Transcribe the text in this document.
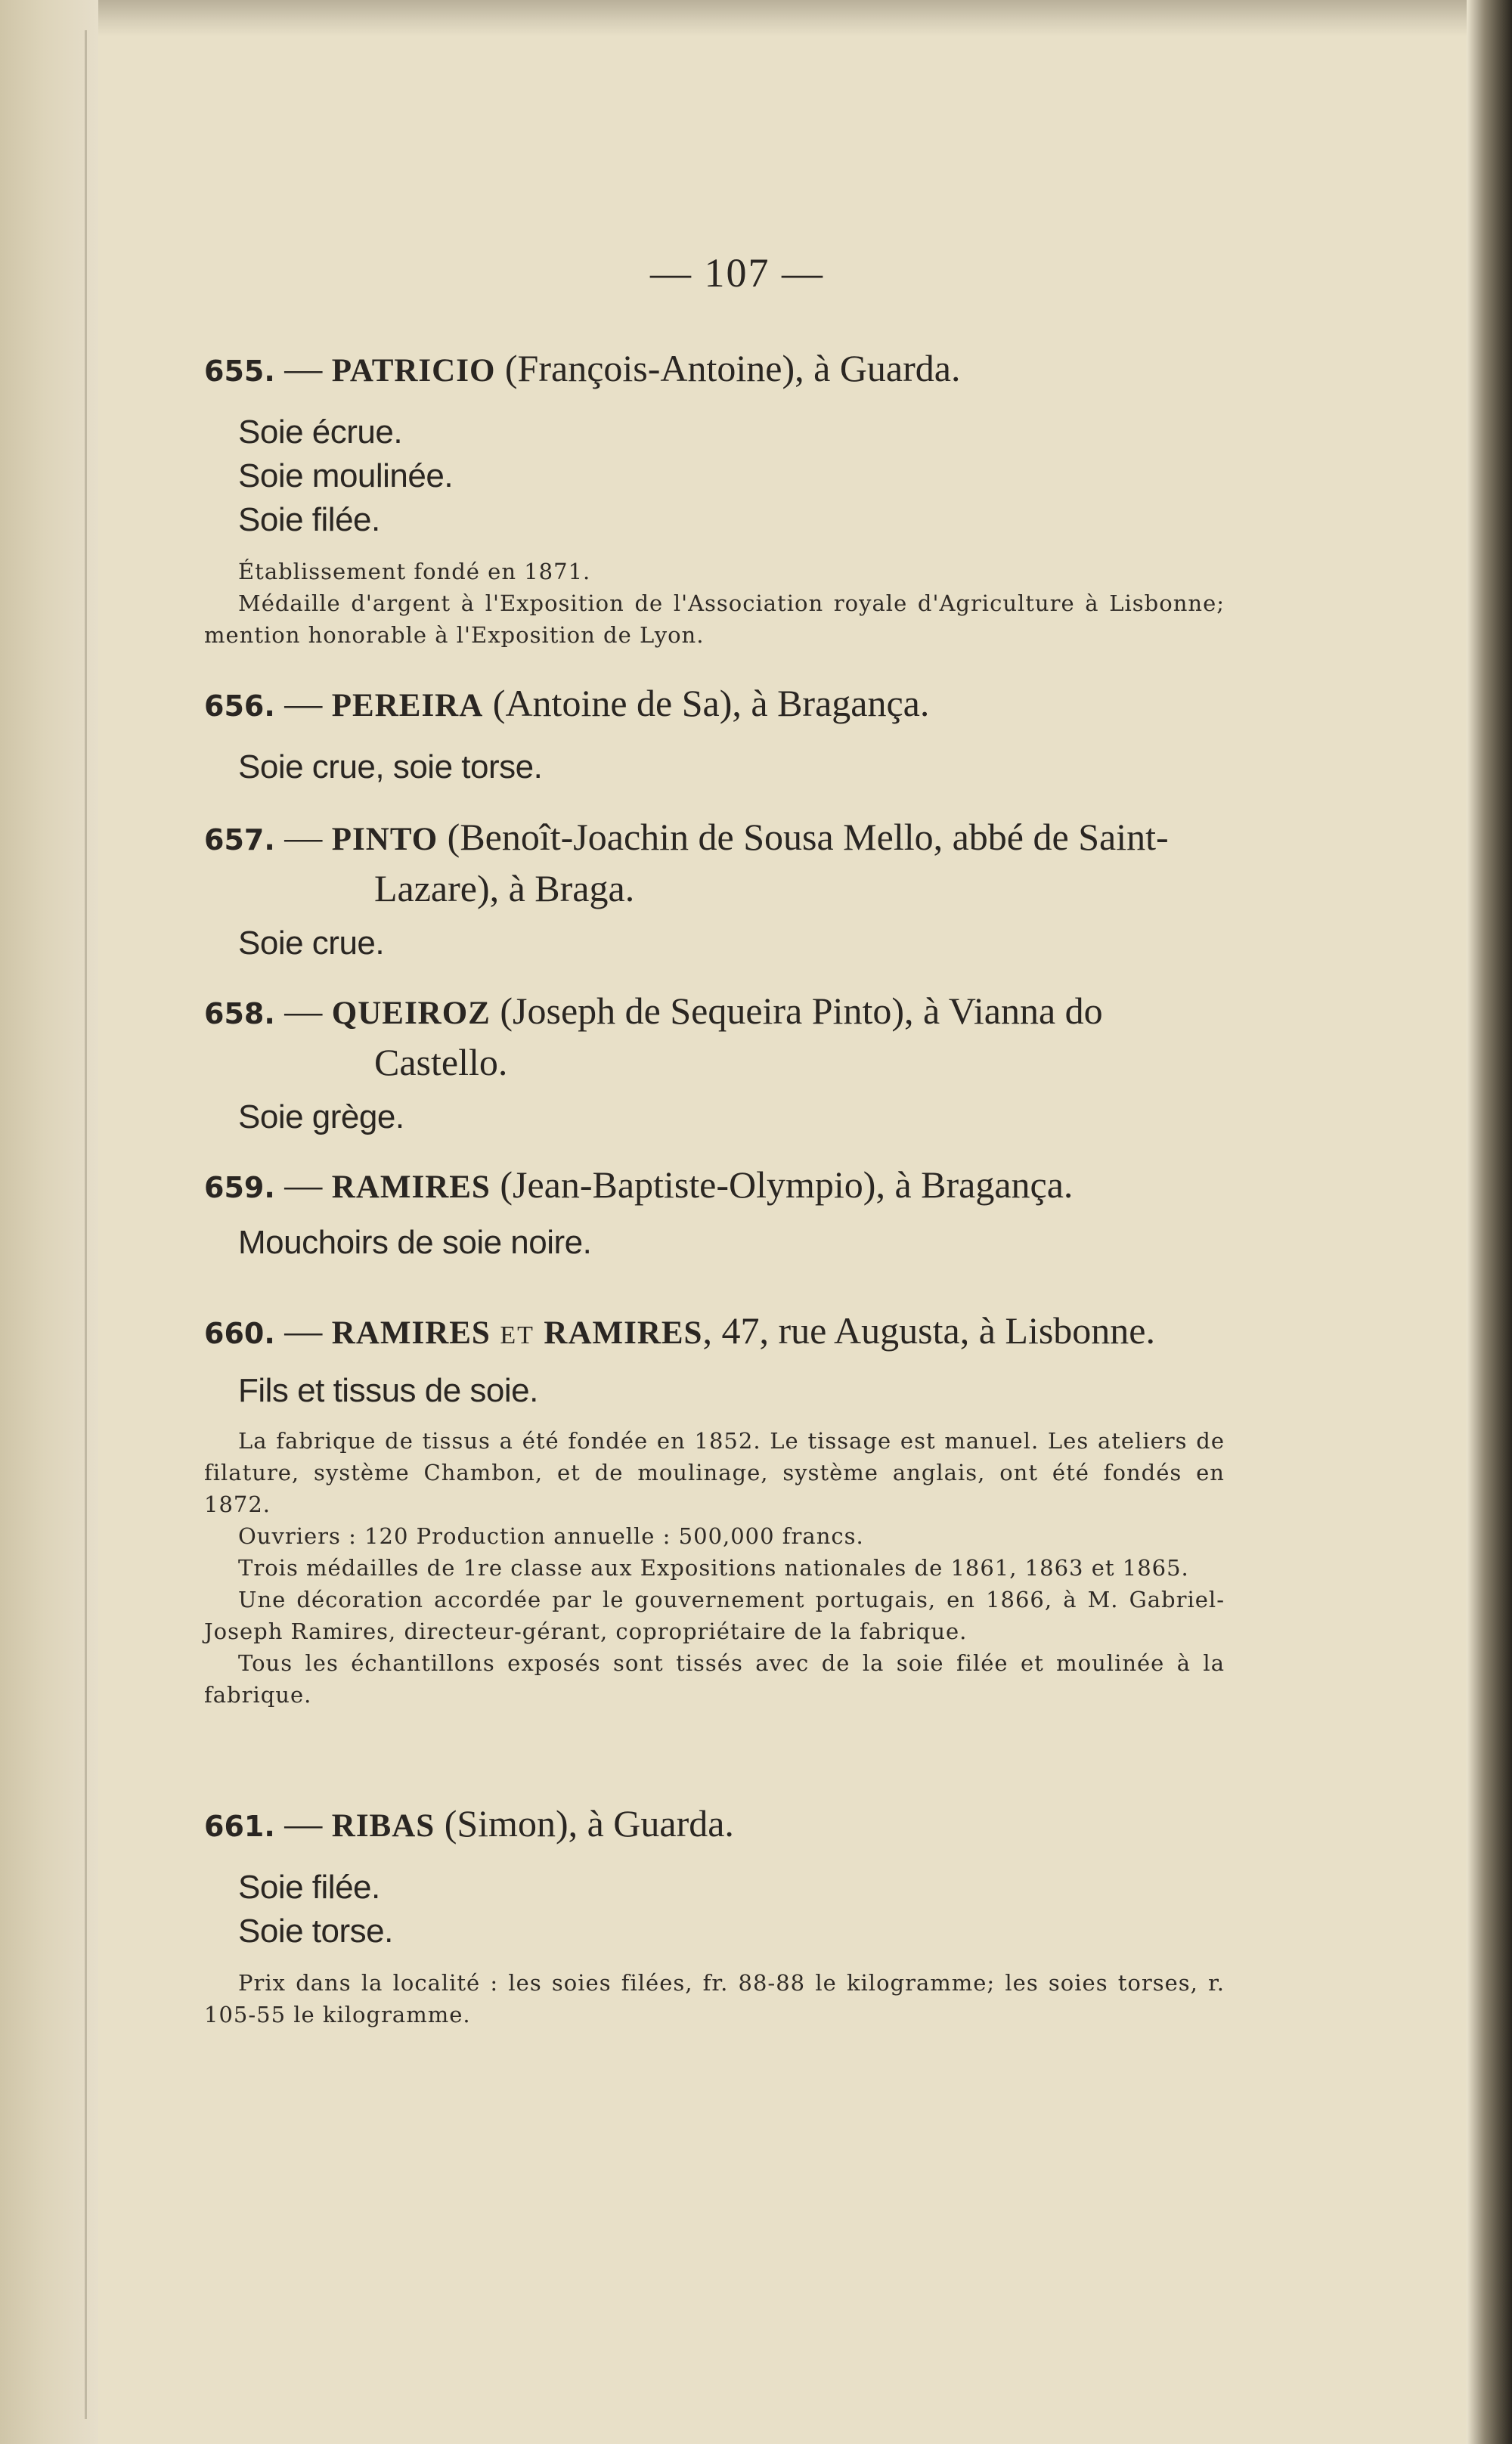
— 107 —
655. — PATRICIO (François-Antoine), à Guarda.
Soie écrue.
Soie moulinée.
Soie filée.

Établissement fondé en 1871.

Médaille d'argent à l'Exposition de l'Association royale d'Agriculture à Lisbonne; mention honorable à l'Exposition de Lyon.

656. — PEREIRA (Antoine de Sa), à Bragança.
Soie crue, soie torse.
657. — PINTO (Benoît-Joachin de Sousa Mello, abbé de Saint-Lazare), à Braga.
Soie crue.
658. — QUEIROZ (Joseph de Sequeira Pinto), à Vianna do Castello.
Soie grège.
659. — RAMIRES (Jean-Baptiste-Olympio), à Bragança.
Mouchoirs de soie noire.
660. — RAMIRES ET RAMIRES, 47, rue Augusta, à Lisbonne.
Fils et tissus de soie.

La fabrique de tissus a été fondée en 1852. Le tissage est manuel. Les ateliers de filature, système Chambon, et de moulinage, système anglais, ont été fondés en 1872.

Ouvriers : 120 Production annuelle : 500,000 francs.

Trois médailles de 1re classe aux Expositions nationales de 1861, 1863 et 1865.

Une décoration accordée par le gouvernement portugais, en 1866, à M. Gabriel-Joseph Ramires, directeur-gérant, copropriétaire de la fabrique.

Tous les échantillons exposés sont tissés avec de la soie filée et moulinée à la fabrique.

661. — RIBAS (Simon), à Guarda.
Soie filée.
Soie torse.

Prix dans la localité : les soies filées, fr. 88-88 le kilogramme; les soies torses, r. 105-55 le kilogramme.
